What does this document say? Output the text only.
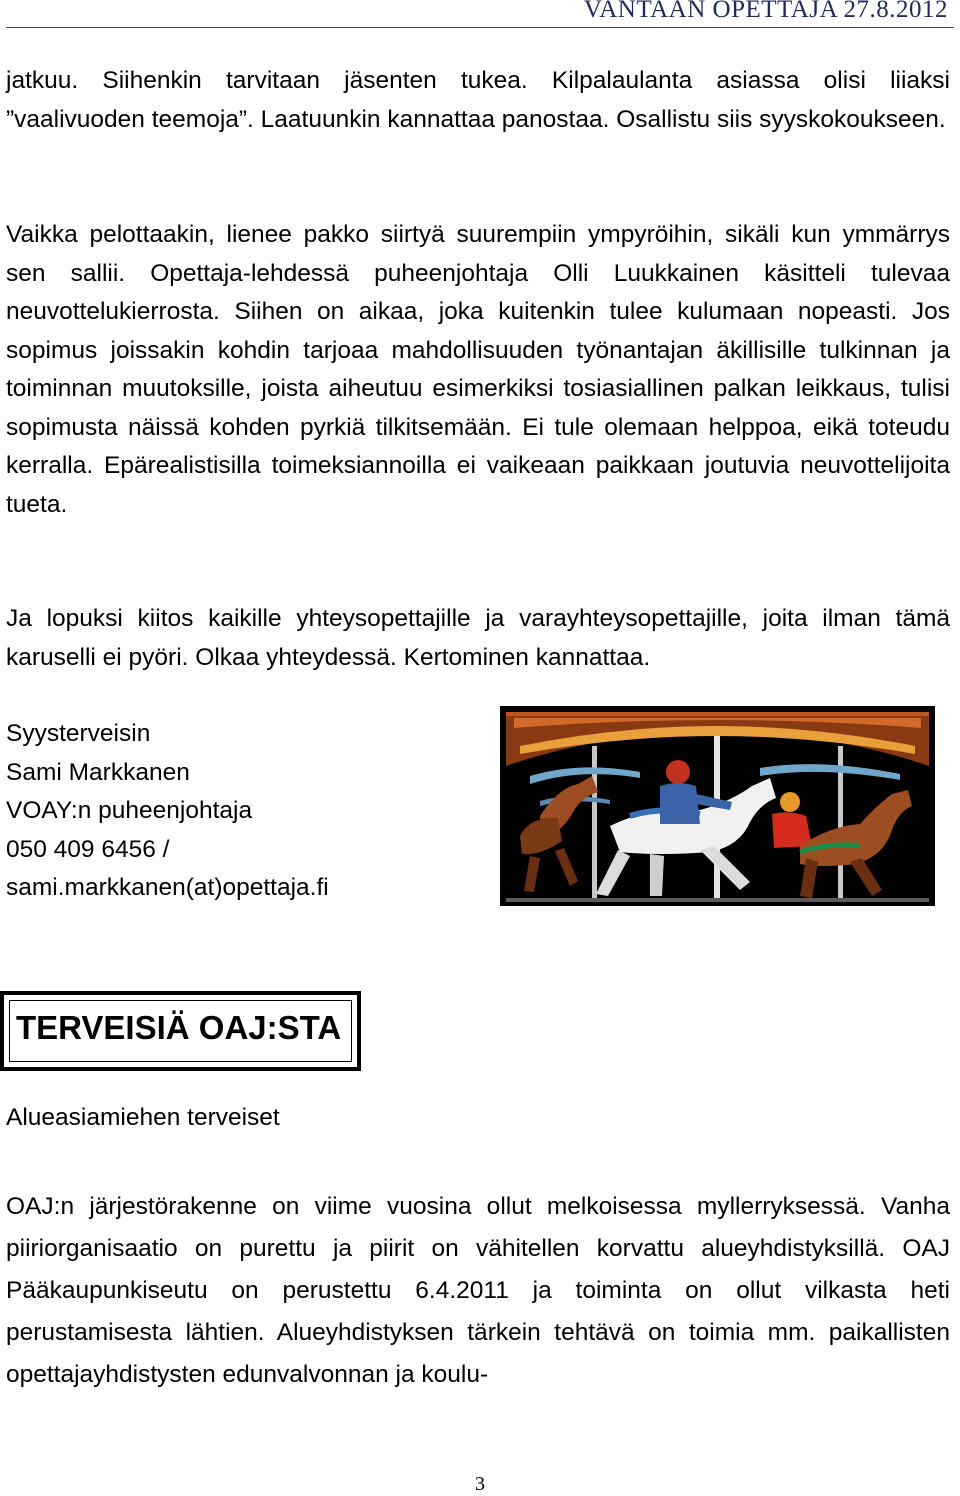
VANTAAN OPETTAJA 27.8.2012

jatkuu. Siihenkin tarvitaan jäsenten tukea. Kilpalaulanta asiassa olisi liiaksi ”vaalivuoden teemoja”. Laatuunkin kannattaa panostaa. Osallistu siis syyskokoukseen.

Vaikka pelottaakin, lienee pakko siirtyä suurempiin ympyröihin, sikäli kun ymmärrys sen sallii. Opettaja-lehdessä puheenjohtaja Olli Luukkainen käsitteli tulevaa neuvottelukierrosta. Siihen on aikaa, joka kuitenkin tulee kulumaan nopeasti. Jos sopimus joissakin kohdin tarjoaa mahdollisuuden työnantajan äkillisille tulkinnan ja toiminnan muutoksille, joista aiheutuu esimerkiksi tosiasiallinen palkan leikkaus, tulisi sopimusta näissä kohden pyrkiä tilkitsemään. Ei tule olemaan helppoa, eikä toteudu kerralla. Epärealistisilla toimeksiannoilla ei vaikeaan paikkaan joutuvia neuvottelijoita tueta.

Ja lopuksi kiitos kaikille yhteysopettajille ja varayhteysopettajille, joita ilman tämä karuselli ei pyöri. Olkaa yhteydessä. Kertominen kannattaa.

Syysterveisin
Sami Markkanen
VOAY:n puheenjohtaja
050 409 6456 /
sami.markkanen(at)opettaja.fi
TERVEISIÄ OAJ:STA
Alueasiamiehen terveiset

OAJ:n järjestörakenne on viime vuosina ollut melkoisessa myllerryksessä. Vanha piiriorganisaatio on purettu ja piirit on vähitellen korvattu alueyhdistyksillä. OAJ Pääkaupunkiseutu on perustettu 6.4.2011 ja toiminta on ollut vilkasta heti perustamisesta lähtien. Alueyhdistyksen tärkein tehtävä on toimia mm. paikallisten opettajayhdistysten edunvalvonnan ja koulu-

3
